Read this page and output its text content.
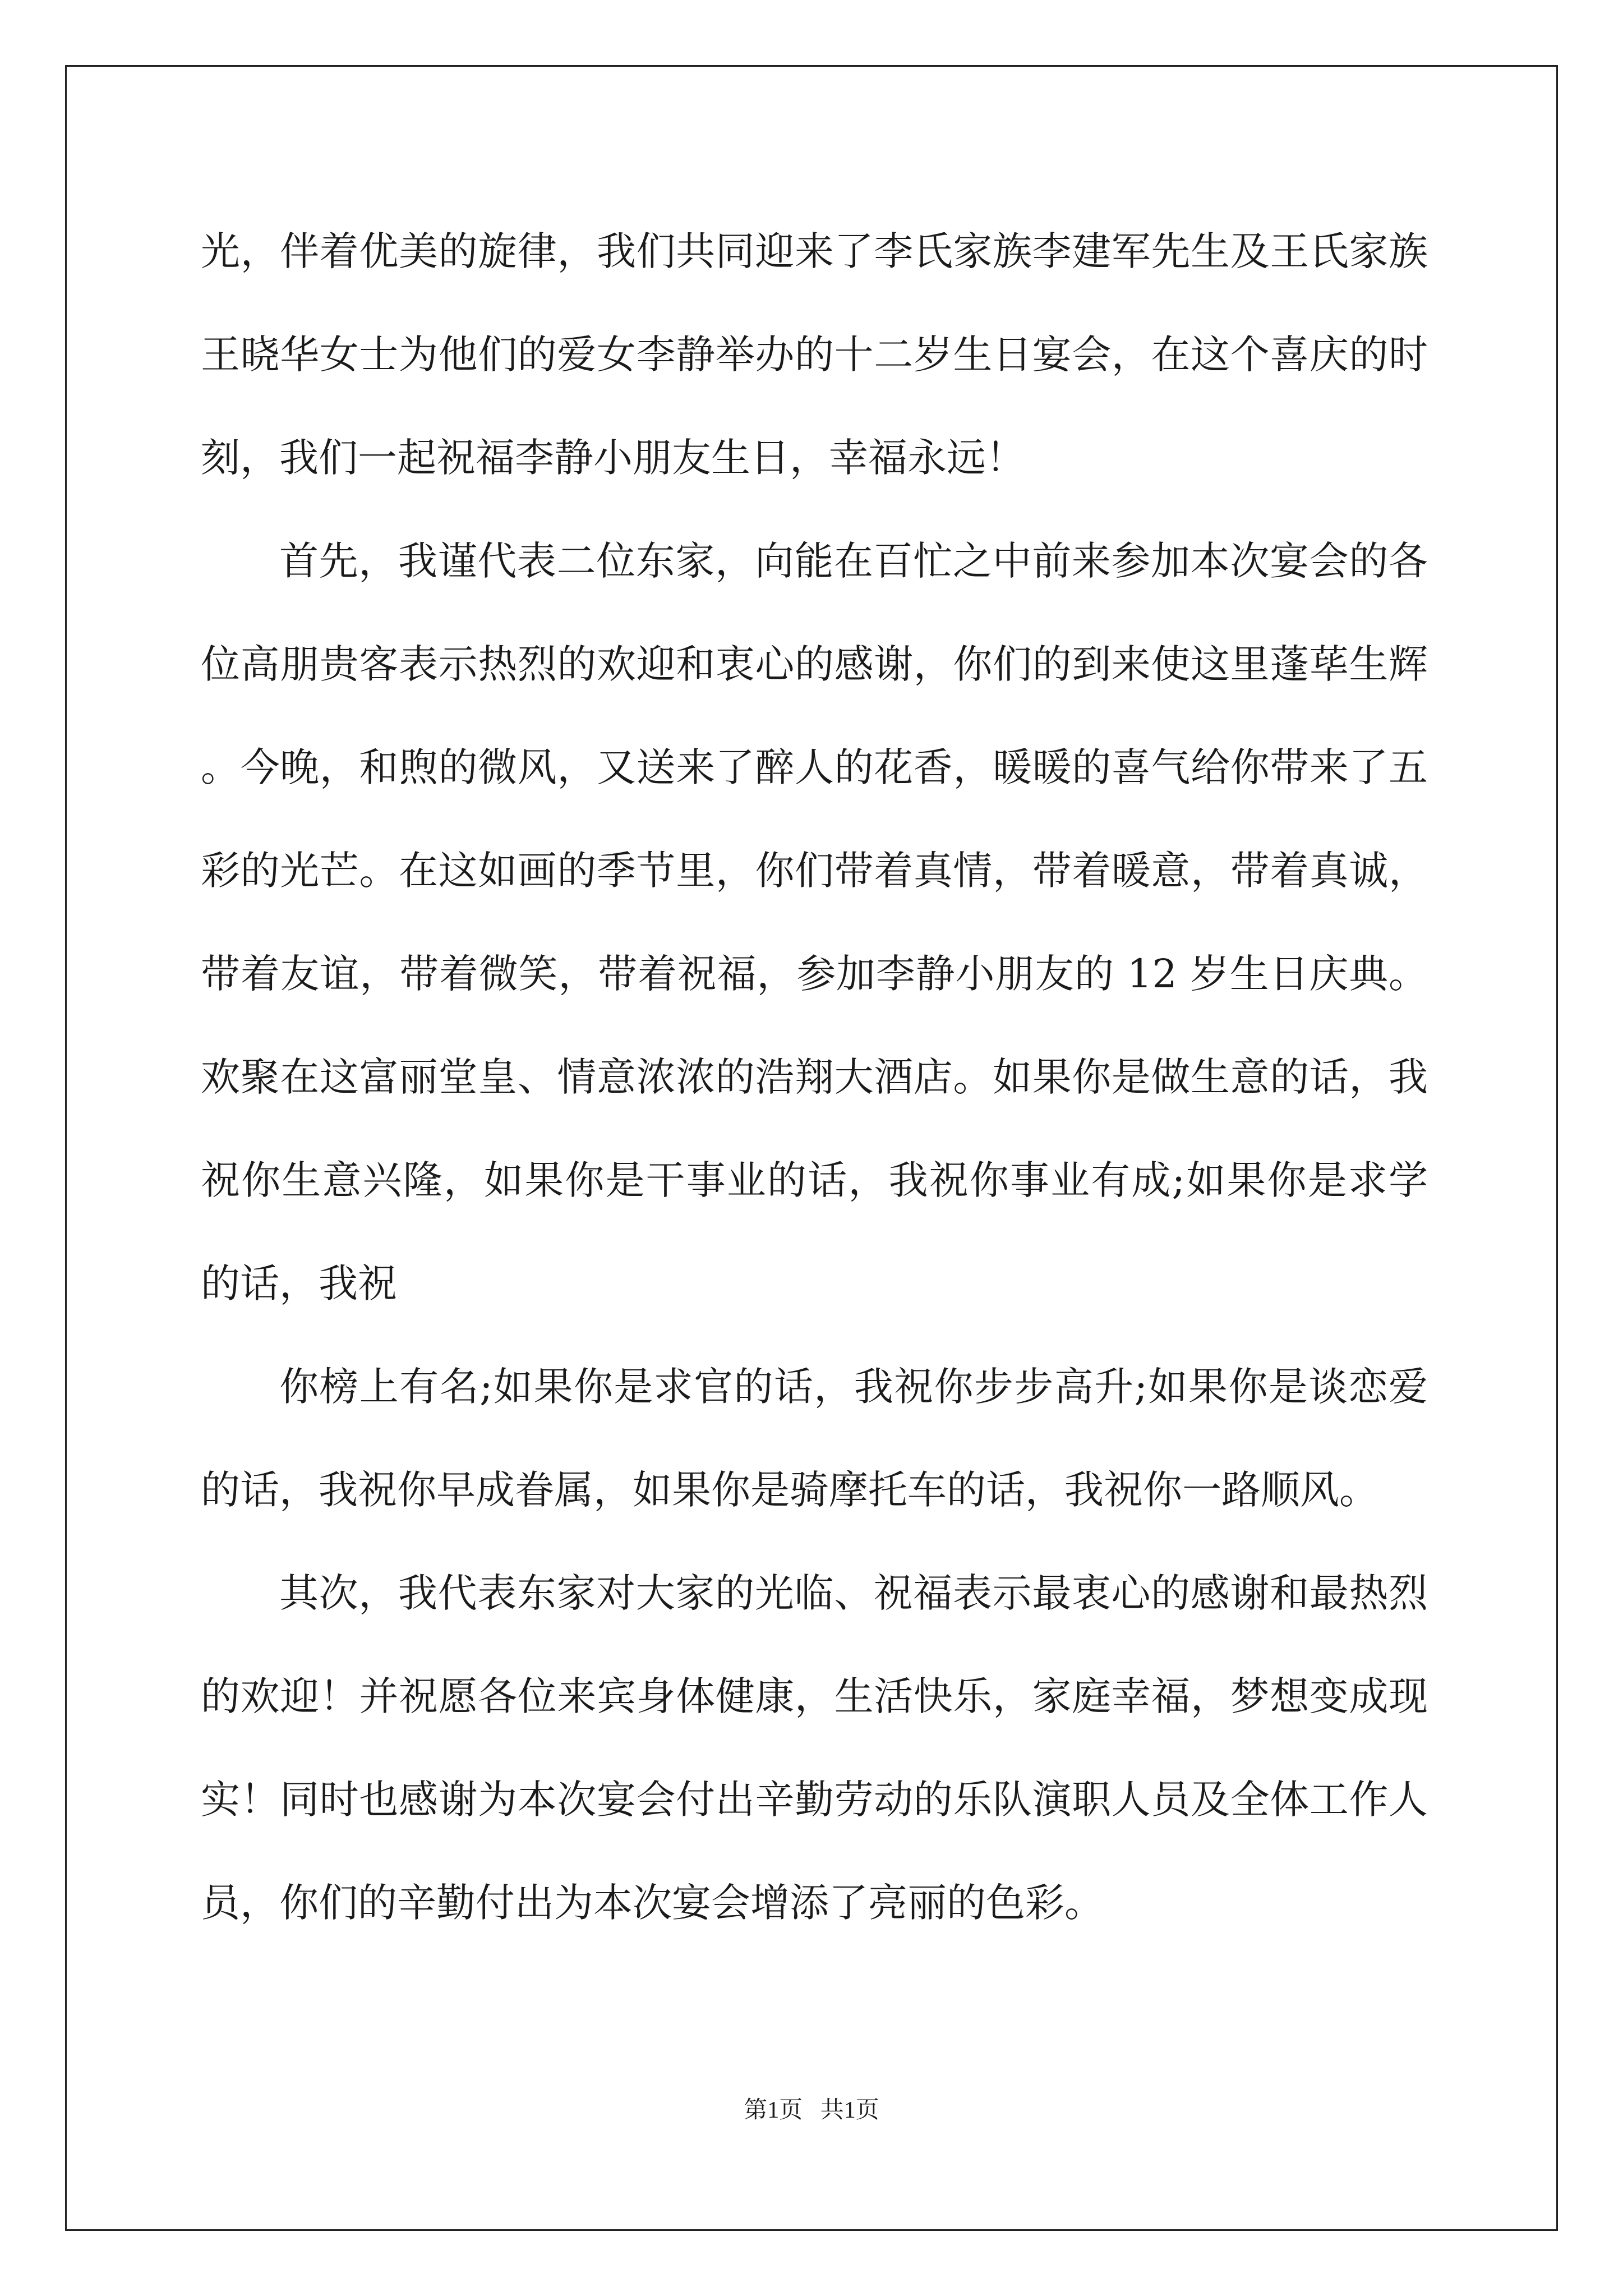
光，伴着优美的旋律，我们共同迎来了李氏家族李建军先生及王氏家族王晓华女士为他们的爱女李静举办的十二岁生日宴会，在这个喜庆的时刻，我们一起祝福李静小朋友生日，幸福永远！

首先，我谨代表二位东家，向能在百忙之中前来参加本次宴会的各位高朋贵客表示热烈的欢迎和衷心的感谢，你们的到来使这里蓬荜生辉。今晚，和煦的微风，又送来了醉人的花香，暖暖的喜气给你带来了五彩的光芒。在这如画的季节里，你们带着真情，带着暖意，带着真诚，带着友谊，带着微笑，带着祝福，参加李静小朋友的 12 岁生日庆典。欢聚在这富丽堂皇、情意浓浓的浩翔大酒店。如果你是做生意的话，我祝你生意兴隆，如果你是干事业的话，我祝你事业有成;如果你是求学的话，我祝

你榜上有名;如果你是求官的话，我祝你步步高升;如果你是谈恋爱的话，我祝你早成眷属，如果你是骑摩托车的话，我祝你一路顺风。

其次，我代表东家对大家的光临、祝福表示最衷心的感谢和最热烈的欢迎！并祝愿各位来宾身体健康，生活快乐，家庭幸福，梦想变成现实！同时也感谢为本次宴会付出辛勤劳动的乐队演职人员及全体工作人员，你们的辛勤付出为本次宴会增添了亮丽的色彩。

第1页   共1页
